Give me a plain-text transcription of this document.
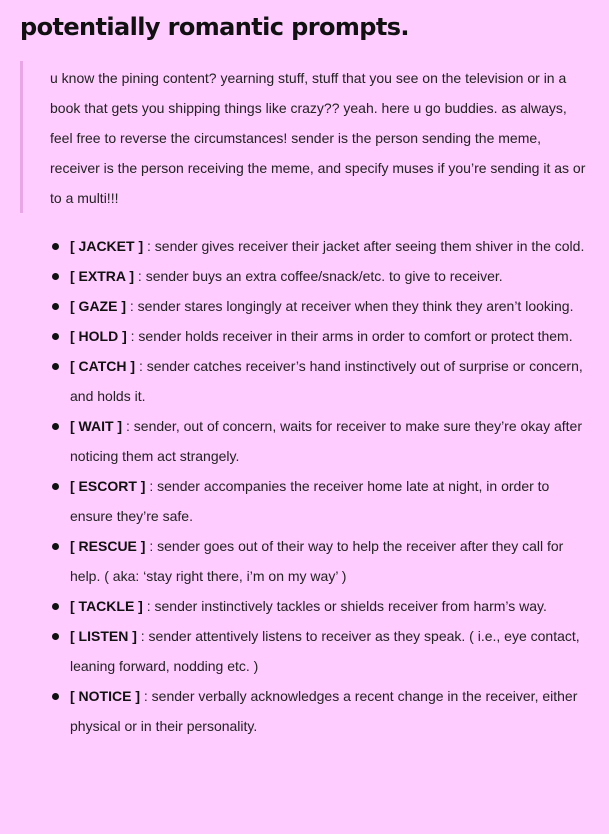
potentially romantic prompts.

u know the pining content? yearning stuff, stuff that you see on the television or in a book that gets you shipping things like crazy?? yeah. here u go buddies. as always, feel free to reverse the circumstances! sender is the person sending the meme, receiver is the person receiving the meme, and specify muses if you’re sending it as or to a multi!!!

[ JACKET ] : sender gives receiver their jacket after seeing them shiver in the cold.
[ EXTRA ] : sender buys an extra coffee/snack/etc. to give to receiver.
[ GAZE ] : sender stares longingly at receiver when they think they aren’t looking.
[ HOLD ] : sender holds receiver in their arms in order to comfort or protect them.
[ CATCH ] : sender catches receiver’s hand instinctively out of surprise or concern, and holds it.
[ WAIT ] : sender, out of concern, waits for receiver to make sure they’re okay after noticing them act strangely.
[ ESCORT ] : sender accompanies the receiver home late at night, in order to ensure they’re safe.
[ RESCUE ] : sender goes out of their way to help the receiver after they call for help. ( aka: ‘stay right there, i’m on my way’ )
[ TACKLE ] : sender instinctively tackles or shields receiver from harm’s way.
[ LISTEN ] : sender attentively listens to receiver as they speak. ( i.e., eye contact, leaning forward, nodding etc. )
[ NOTICE ] : sender verbally acknowledges a recent change in the receiver, either physical or in their personality.
